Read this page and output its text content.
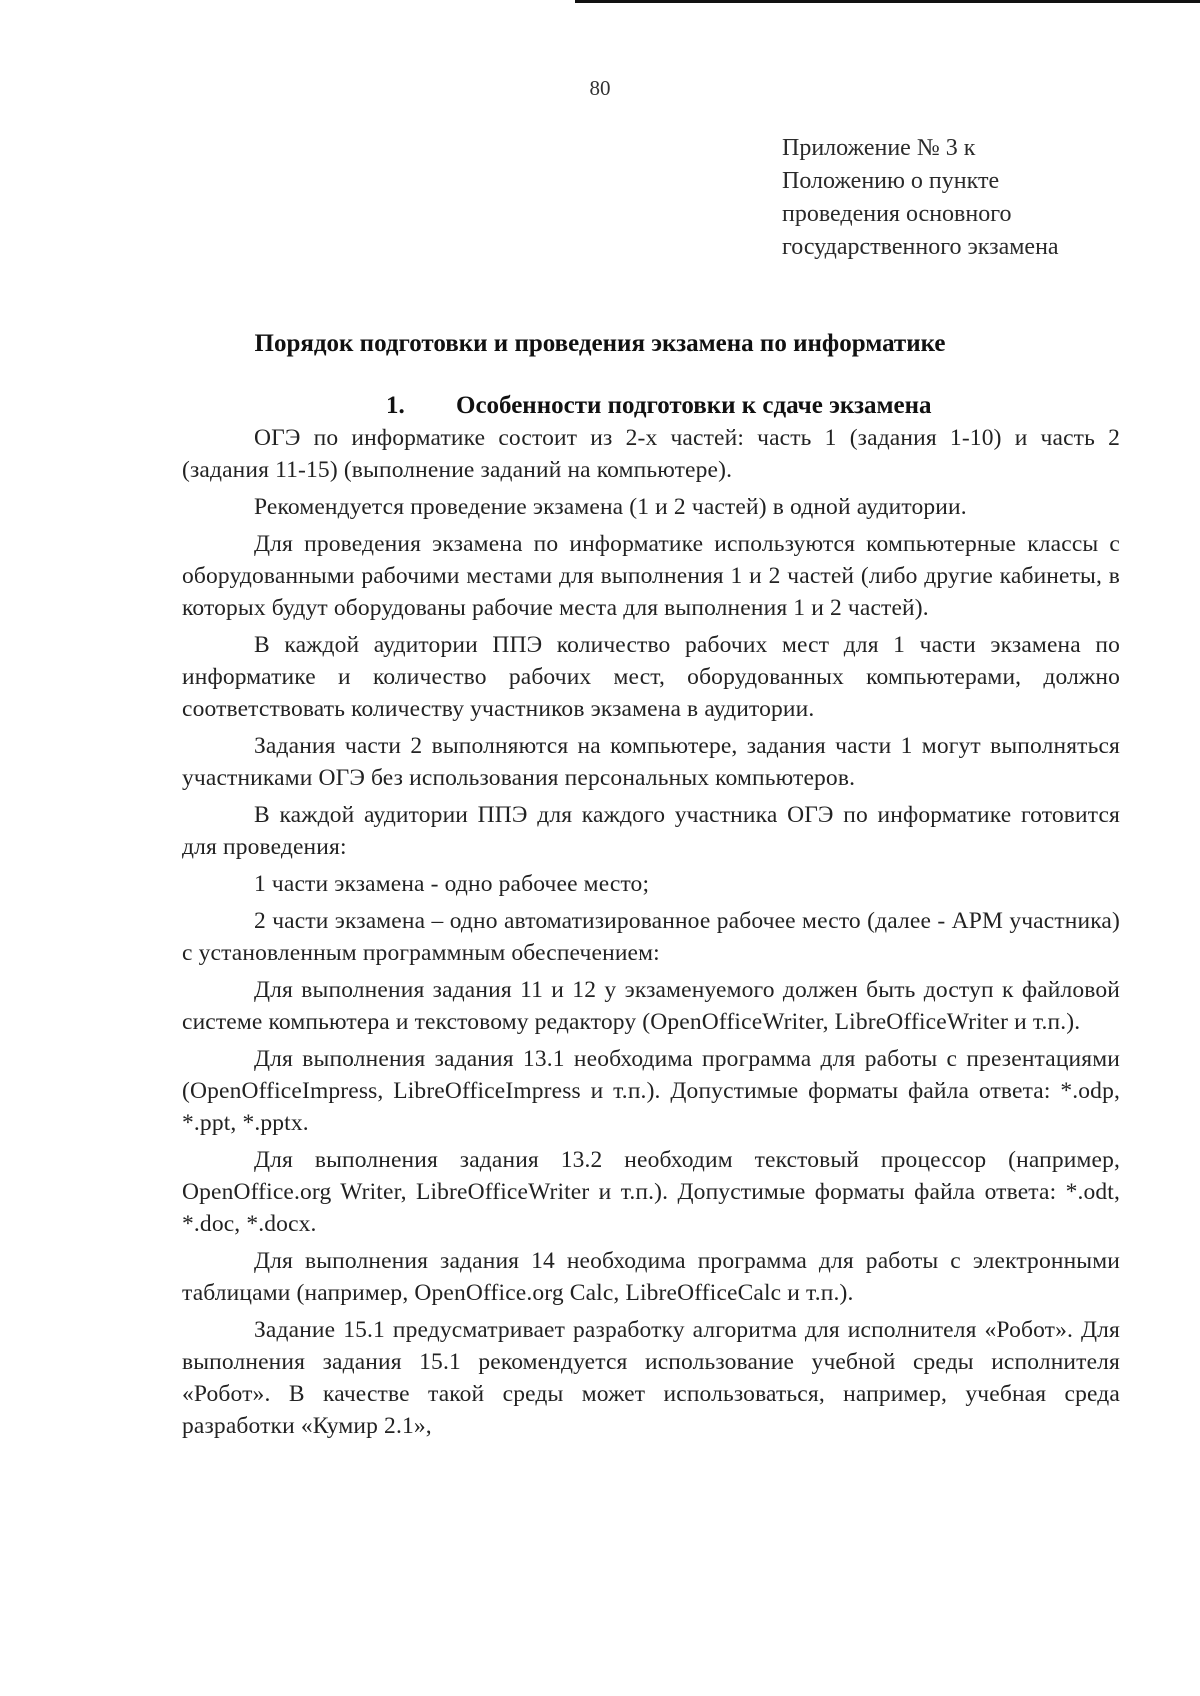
80
Приложение № 3 к
Положению о пункте
проведения основного
государственного экзамена
Порядок подготовки и проведения экзамена по информатике
1. Особенности подготовки к сдаче экзамена

ОГЭ по информатике состоит из 2-х частей: часть 1 (задания 1-10) и часть 2 (задания 11-15) (выполнение заданий на компьютере).

Рекомендуется проведение экзамена (1 и 2 частей) в одной аудитории.

Для проведения экзамена по информатике используются компьютерные классы с оборудованными рабочими местами для выполнения 1 и 2 частей (либо другие кабинеты, в которых будут оборудованы рабочие места для выполнения 1 и 2 частей).

В каждой аудитории ППЭ количество рабочих мест для 1 части экзамена по информатике и количество рабочих мест, оборудованных компьютерами, должно соответствовать количеству участников экзамена в аудитории.

Задания части 2 выполняются на компьютере, задания части 1 могут выполняться участниками ОГЭ без использования персональных компьютеров.

В каждой аудитории ППЭ для каждого участника ОГЭ по информатике готовится для проведения:

1 части экзамена - одно рабочее место;

2 части экзамена – одно автоматизированное рабочее место (далее - АРМ участника) с установленным программным обеспечением:

Для выполнения задания 11 и 12 у экзаменуемого должен быть доступ к файловой системе компьютера и текстовому редактору (OpenOfficeWriter, LibreOfficeWriter и т.п.).

Для выполнения задания 13.1 необходима программа для работы с презентациями (OpenOfficeImpress, LibreOfficeImpress и т.п.). Допустимые форматы файла ответа: *.odp, *.ppt, *.pptx.

Для выполнения задания 13.2 необходим текстовый процессор (например, OpenOffice.org Writer, LibreOfficeWriter и т.п.). Допустимые форматы файла ответа: *.odt, *.doc, *.docx.

Для выполнения задания 14 необходима программа для работы с электронными таблицами (например, OpenOffice.org Calc, LibreOfficeCalc и т.п.).

Задание 15.1 предусматривает разработку алгоритма для исполнителя «Робот». Для выполнения задания 15.1 рекомендуется использование учебной среды исполнителя «Робот». В качестве такой среды может использоваться, например, учебная среда разработки «Кумир 2.1»,
